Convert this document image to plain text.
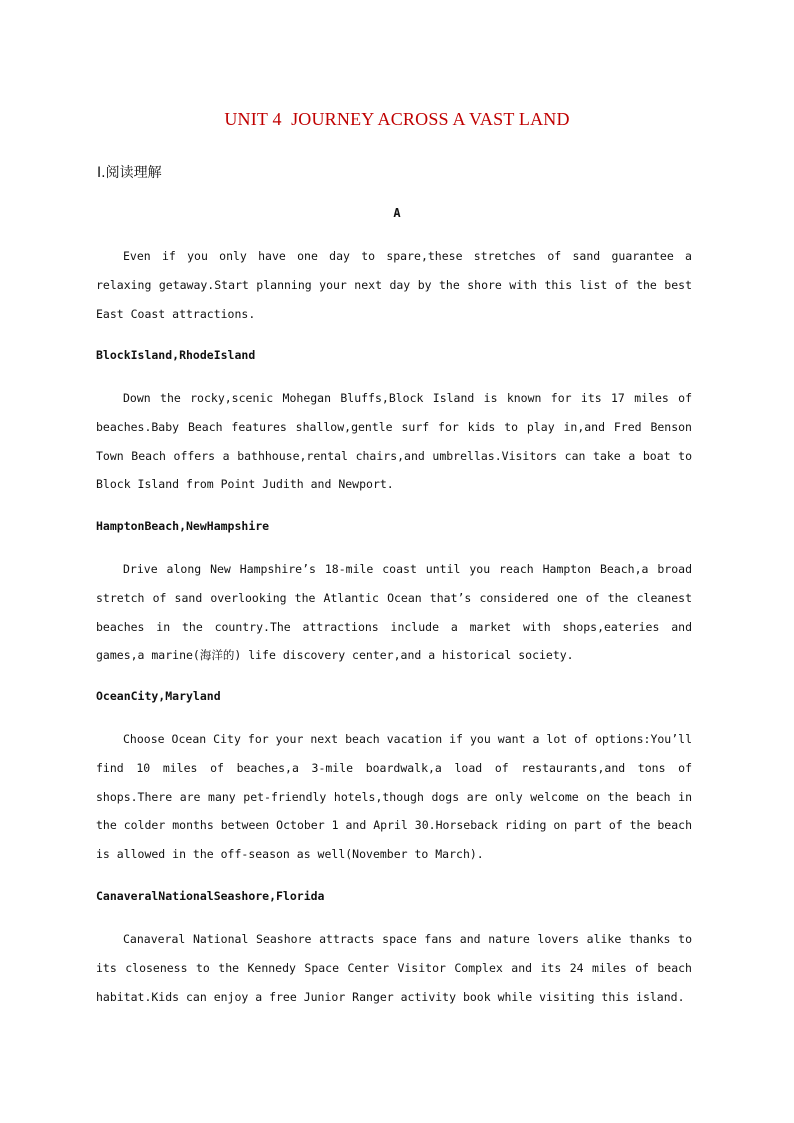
UNIT 4  JOURNEY ACROSS A VAST LAND
Ⅰ.阅读理解
A

Even if you only have one day to spare,these stretches of sand guarantee a relaxing getaway.Start planning your next day by the shore with this list of the best East Coast attractions.

BlockIsland,RhodeIsland

Down the rocky,scenic Mohegan Bluffs,Block Island is known for its 17 miles of beaches.Baby Beach features shallow,gentle surf for kids to play in,and Fred Benson Town Beach offers a bathhouse,rental chairs,and umbrellas.Visitors can take a boat to Block Island from Point Judith and Newport.

HamptonBeach,NewHampshire

Drive along New Hampshire’s 18-mile coast until you reach Hampton Beach,a broad stretch of sand overlooking the Atlantic Ocean that’s considered one of the cleanest beaches in the country.The attractions include a market with shops,eateries and games,a marine(海洋的) life discovery center,and a historical society.

OceanCity,Maryland

Choose Ocean City for your next beach vacation if you want a lot of options:You’ll find 10 miles of beaches,a 3-mile boardwalk,a load of restaurants,and tons of shops.There are many pet-friendly hotels,though dogs are only welcome on the beach in the colder months between October 1 and April 30.Horseback riding on part of the beach is allowed in the off-season as well(November to March).

CanaveralNationalSeashore,Florida

Canaveral National Seashore attracts space fans and nature lovers alike thanks to its closeness to the Kennedy Space Center Visitor Complex and its 24 miles of beach habitat.Kids can enjoy a free Junior Ranger activity book while visiting this island.
